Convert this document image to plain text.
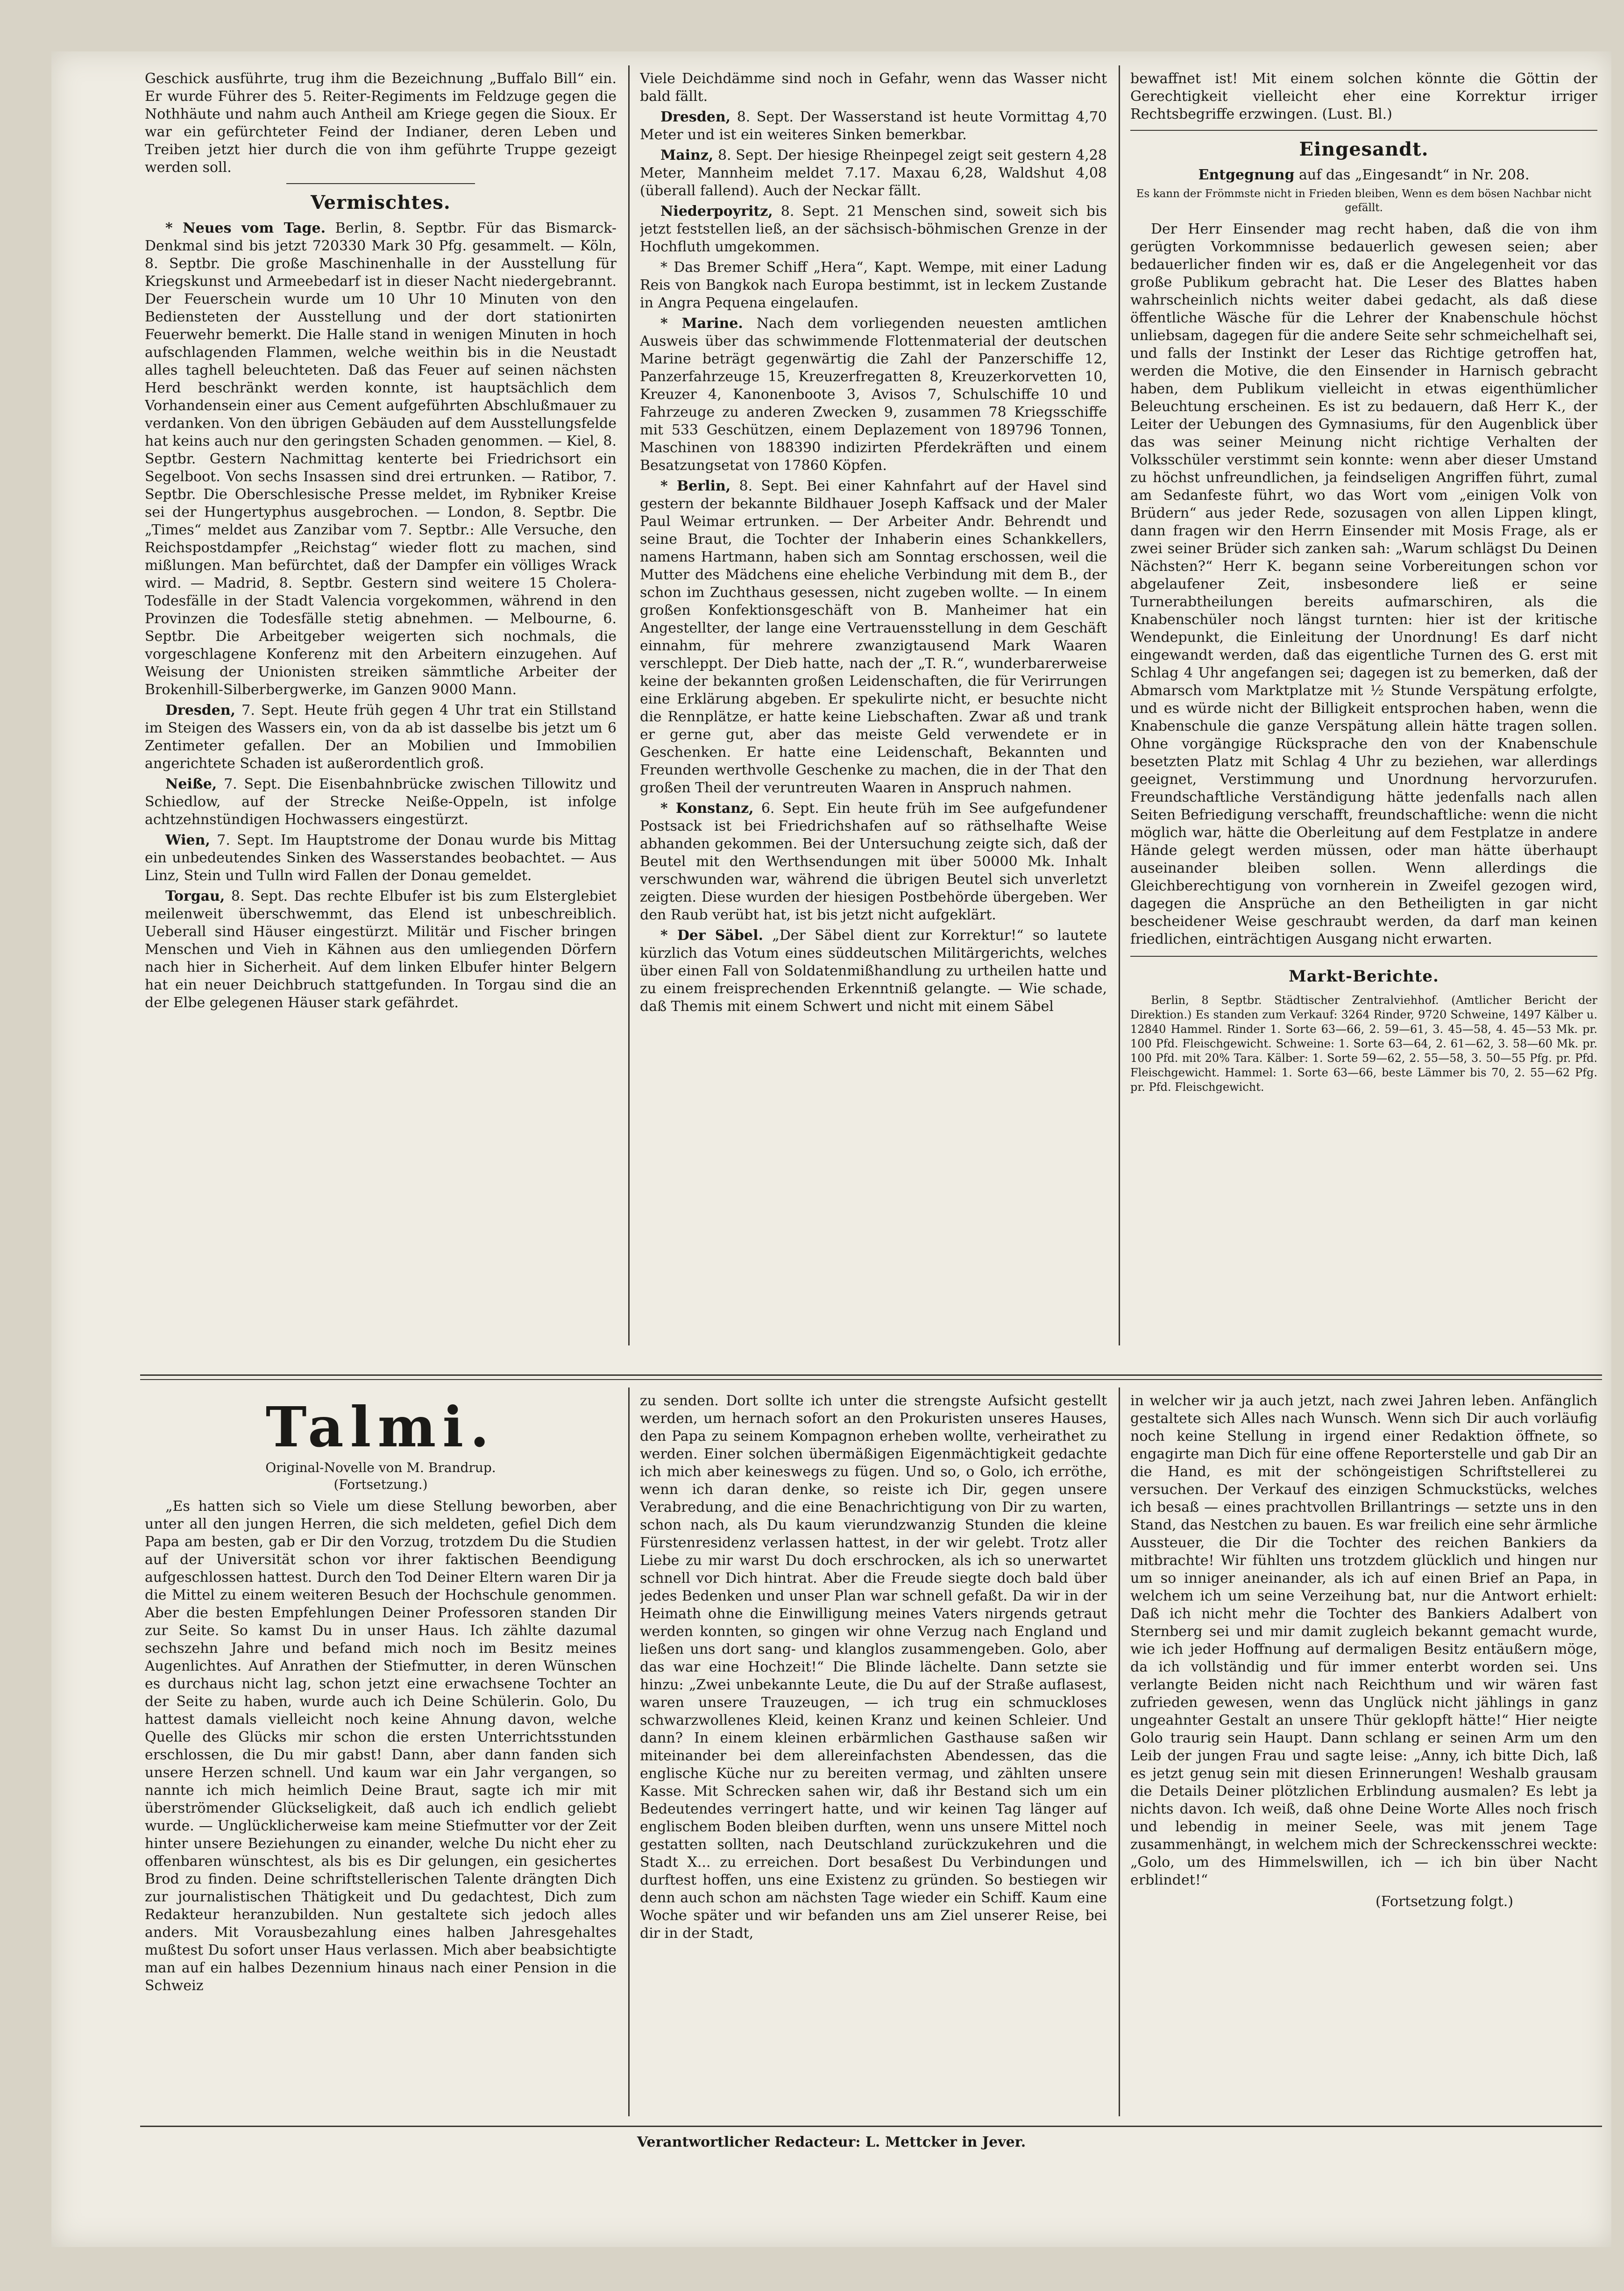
Geschick ausführte, trug ihm die Bezeichnung „Buffalo Bill“ ein. Er wurde Führer des 5. Reiter-Regiments im Feldzuge gegen die Nothhäute und nahm auch Antheil am Kriege gegen die Sioux. Er war ein gefürchteter Feind der Indianer, deren Leben und Treiben jetzt hier durch die von ihm geführte Truppe gezeigt werden soll.

Vermischtes.

* Neues vom Tage. Berlin, 8. Septbr. Für das Bismarck-Denkmal sind bis jetzt 720330 Mark 30 Pfg. gesammelt. — Köln, 8. Septbr. Die große Maschinenhalle in der Ausstellung für Kriegskunst und Armeebedarf ist in dieser Nacht niedergebrannt. Der Feuerschein wurde um 10 Uhr 10 Minuten von den Bediensteten der Ausstellung und der dort stationirten Feuerwehr bemerkt. Die Halle stand in wenigen Minuten in hoch aufschlagenden Flammen, welche weithin bis in die Neustadt alles taghell beleuchteten. Daß das Feuer auf seinen nächsten Herd beschränkt werden konnte, ist hauptsächlich dem Vorhandensein einer aus Cement aufgeführten Abschlußmauer zu verdanken. Von den übrigen Gebäuden auf dem Ausstellungsfelde hat keins auch nur den geringsten Schaden genommen. — Kiel, 8. Septbr. Gestern Nachmittag kenterte bei Friedrichsort ein Segelboot. Von sechs Insassen sind drei ertrunken. — Ratibor, 7. Septbr. Die Oberschlesische Presse meldet, im Rybniker Kreise sei der Hungertyphus ausgebrochen. — London, 8. Septbr. Die „Times“ meldet aus Zanzibar vom 7. Septbr.: Alle Versuche, den Reichspostdampfer „Reichstag“ wieder flott zu machen, sind mißlungen. Man befürchtet, daß der Dampfer ein völliges Wrack wird. — Madrid, 8. Septbr. Gestern sind weitere 15 Cholera-Todesfälle in der Stadt Valencia vorgekommen, während in den Provinzen die Todesfälle stetig abnehmen. — Melbourne, 6. Septbr. Die Arbeitgeber weigerten sich nochmals, die vorgeschlagene Konferenz mit den Arbeitern einzugehen. Auf Weisung der Unionisten streiken sämmtliche Arbeiter der Brokenhill-Silberbergwerke, im Ganzen 9000 Mann.

Dresden, 7. Sept. Heute früh gegen 4 Uhr trat ein Stillstand im Steigen des Wassers ein, von da ab ist dasselbe bis jetzt um 6 Zentimeter gefallen. Der an Mobilien und Immobilien angerichtete Schaden ist außerordentlich groß.

Neiße, 7. Sept. Die Eisenbahnbrücke zwischen Tillowitz und Schiedlow, auf der Strecke Neiße-Oppeln, ist infolge achtzehnstündigen Hochwassers eingestürzt.

Wien, 7. Sept. Im Hauptstrome der Donau wurde bis Mittag ein unbedeutendes Sinken des Wasserstandes beobachtet. — Aus Linz, Stein und Tulln wird Fallen der Donau gemeldet.

Torgau, 8. Sept. Das rechte Elbufer ist bis zum Elsterglebiet meilenweit überschwemmt, das Elend ist unbeschreiblich. Ueberall sind Häuser eingestürzt. Militär und Fischer bringen Menschen und Vieh in Kähnen aus den umliegenden Dörfern nach hier in Sicherheit. Auf dem linken Elbufer hinter Belgern hat ein neuer Deichbruch stattgefunden. In Torgau sind die an der Elbe gelegenen Häuser stark gefährdet.

Viele Deichdämme sind noch in Gefahr, wenn das Wasser nicht bald fällt.

Dresden, 8. Sept. Der Wasserstand ist heute Vormittag 4,70 Meter und ist ein weiteres Sinken bemerkbar.

Mainz, 8. Sept. Der hiesige Rheinpegel zeigt seit gestern 4,28 Meter, Mannheim meldet 7.17. Maxau 6,28, Waldshut 4,08 (überall fallend). Auch der Neckar fällt.

Niederpoyritz, 8. Sept. 21 Menschen sind, soweit sich bis jetzt feststellen ließ, an der sächsisch-böhmischen Grenze in der Hochfluth umgekommen.

* Das Bremer Schiff „Hera“, Kapt. Wempe, mit einer Ladung Reis von Bangkok nach Europa bestimmt, ist in leckem Zustande in Angra Pequena eingelaufen.

* Marine. Nach dem vorliegenden neuesten amtlichen Ausweis über das schwimmende Flottenmaterial der deutschen Marine beträgt gegenwärtig die Zahl der Panzerschiffe 12, Panzerfahrzeuge 15, Kreuzerfregatten 8, Kreuzerkorvetten 10, Kreuzer 4, Kanonenboote 3, Avisos 7, Schulschiffe 10 und Fahrzeuge zu anderen Zwecken 9, zusammen 78 Kriegsschiffe mit 533 Geschützen, einem Deplazement von 189796 Tonnen, Maschinen von 188390 indizirten Pferdekräften und einem Besatzungsetat von 17860 Köpfen.

* Berlin, 8. Sept. Bei einer Kahnfahrt auf der Havel sind gestern der bekannte Bildhauer Joseph Kaffsack und der Maler Paul Weimar ertrunken. — Der Arbeiter Andr. Behrendt und seine Braut, die Tochter der Inhaberin eines Schankkellers, namens Hartmann, haben sich am Sonntag erschossen, weil die Mutter des Mädchens eine eheliche Verbindung mit dem B., der schon im Zuchthaus gesessen, nicht zugeben wollte. — In einem großen Konfektionsgeschäft von B. Manheimer hat ein Angestellter, der lange eine Vertrauensstellung in dem Geschäft einnahm, für mehrere zwanzigtausend Mark Waaren verschleppt. Der Dieb hatte, nach der „T. R.“, wunderbarerweise keine der bekannten großen Leidenschaften, die für Verirrungen eine Erklärung abgeben. Er spekulirte nicht, er besuchte nicht die Rennplätze, er hatte keine Liebschaften. Zwar aß und trank er gerne gut, aber das meiste Geld verwendete er in Geschenken. Er hatte eine Leidenschaft, Bekannten und Freunden werthvolle Geschenke zu machen, die in der That den großen Theil der veruntreuten Waaren in Anspruch nahmen.

* Konstanz, 6. Sept. Ein heute früh im See aufgefundener Postsack ist bei Friedrichshafen auf so räthselhafte Weise abhanden gekommen. Bei der Untersuchung zeigte sich, daß der Beutel mit den Werthsendungen mit über 50000 Mk. Inhalt verschwunden war, während die übrigen Beutel sich unverletzt zeigten. Diese wurden der hiesigen Postbehörde übergeben. Wer den Raub verübt hat, ist bis jetzt nicht aufgeklärt.

* Der Säbel. „Der Säbel dient zur Korrektur!“ so lautete kürzlich das Votum eines süddeutschen Militärgerichts, welches über einen Fall von Soldatenmißhandlung zu urtheilen hatte und zu einem freisprechenden Erkenntniß gelangte. — Wie schade, daß Themis mit einem Schwert und nicht mit einem Säbel

bewaffnet ist! Mit einem solchen könnte die Göttin der Gerechtigkeit vielleicht eher eine Korrektur irriger Rechtsbegriffe erzwingen. (Lust. Bl.)

Eingesandt.

Entgegnung auf das „Eingesandt“ in Nr. 208.

Es kann der Frömmste nicht in Frieden bleiben, Wenn es dem bösen Nachbar nicht gefällt.

Der Herr Einsender mag recht haben, daß die von ihm gerügten Vorkommnisse bedauerlich gewesen seien; aber bedauerlicher finden wir es, daß er die Angelegenheit vor das große Publikum gebracht hat. Die Leser des Blattes haben wahrscheinlich nichts weiter dabei gedacht, als daß diese öffentliche Wäsche für die Lehrer der Knabenschule höchst unliebsam, dagegen für die andere Seite sehr schmeichelhaft sei, und falls der Instinkt der Leser das Richtige getroffen hat, werden die Motive, die den Einsender in Harnisch gebracht haben, dem Publikum vielleicht in etwas eigenthümlicher Beleuchtung erscheinen. Es ist zu bedauern, daß Herr K., der Leiter der Uebungen des Gymnasiums, für den Augenblick über das was seiner Meinung nicht richtige Verhalten der Volksschüler verstimmt sein konnte: wenn aber dieser Umstand zu höchst unfreundlichen, ja feindseligen Angriffen führt, zumal am Sedanfeste führt, wo das Wort vom „einigen Volk von Brüdern“ aus jeder Rede, sozusagen von allen Lippen klingt, dann fragen wir den Herrn Einsender mit Mosis Frage, als er zwei seiner Brüder sich zanken sah: „Warum schlägst Du Deinen Nächsten?“ Herr K. begann seine Vorbereitungen schon vor abgelaufener Zeit, insbesondere ließ er seine Turnerabtheilungen bereits aufmarschiren, als die Knabenschüler noch längst turnten: hier ist der kritische Wendepunkt, die Einleitung der Unordnung! Es darf nicht eingewandt werden, daß das eigentliche Turnen des G. erst mit Schlag 4 Uhr angefangen sei; dagegen ist zu bemerken, daß der Abmarsch vom Marktplatze mit ½ Stunde Verspätung erfolgte, und es würde nicht der Billigkeit entsprochen haben, wenn die Knabenschule die ganze Verspätung allein hätte tragen sollen. Ohne vorgängige Rücksprache den von der Knabenschule besetzten Platz mit Schlag 4 Uhr zu beziehen, war allerdings geeignet, Verstimmung und Unordnung hervorzurufen. Freundschaftliche Verständigung hätte jedenfalls nach allen Seiten Befriedigung verschafft, freundschaftliche: wenn die nicht möglich war, hätte die Oberleitung auf dem Festplatze in andere Hände gelegt werden müssen, oder man hätte überhaupt auseinander bleiben sollen. Wenn allerdings die Gleichberechtigung von vornherein in Zweifel gezogen wird, dagegen die Ansprüche an den Betheiligten in gar nicht bescheidener Weise geschraubt werden, da darf man keinen friedlichen, einträchtigen Ausgang nicht erwarten.

Markt-Berichte.

Berlin, 8 Septbr. Städtischer Zentralviehhof. (Amtlicher Bericht der Direktion.) Es standen zum Verkauf: 3264 Rinder, 9720 Schweine, 1497 Kälber u. 12840 Hammel. Rinder 1. Sorte 63—66, 2. 59—61, 3. 45—58, 4. 45—53 Mk. pr. 100 Pfd. Fleischgewicht. Schweine: 1. Sorte 63—64, 2. 61—62, 3. 58—60 Mk. pr. 100 Pfd. mit 20% Tara. Kälber: 1. Sorte 59—62, 2. 55—58, 3. 50—55 Pfg. pr. Pfd. Fleischgewicht. Hammel: 1. Sorte 63—66, beste Lämmer bis 70, 2. 55—62 Pfg. pr. Pfd. Fleischgewicht.

Talmi.
Original-Novelle von M. Brandrup.
(Fortsetzung.)

„Es hatten sich so Viele um diese Stellung beworben, aber unter all den jungen Herren, die sich meldeten, gefiel Dich dem Papa am besten, gab er Dir den Vorzug, trotzdem Du die Studien auf der Universität schon vor ihrer faktischen Beendigung aufgeschlossen hattest. Durch den Tod Deiner Eltern waren Dir ja die Mittel zu einem weiteren Besuch der Hochschule genommen. Aber die besten Empfehlungen Deiner Professoren standen Dir zur Seite. So kamst Du in unser Haus. Ich zählte dazumal sechszehn Jahre und befand mich noch im Besitz meines Augenlichtes. Auf Anrathen der Stiefmutter, in deren Wünschen es durchaus nicht lag, schon jetzt eine erwachsene Tochter an der Seite zu haben, wurde auch ich Deine Schülerin. Golo, Du hattest damals vielleicht noch keine Ahnung davon, welche Quelle des Glücks mir schon die ersten Unterrichtsstunden erschlossen, die Du mir gabst! Dann, aber dann fanden sich unsere Herzen schnell. Und kaum war ein Jahr vergangen, so nannte ich mich heimlich Deine Braut, sagte ich mir mit überströmender Glückseligkeit, daß auch ich endlich geliebt wurde. — Unglücklicherweise kam meine Stiefmutter vor der Zeit hinter unsere Beziehungen zu einander, welche Du nicht eher zu offenbaren wünschtest, als bis es Dir gelungen, ein gesichertes Brod zu finden. Deine schriftstellerischen Talente drängten Dich zur journalistischen Thätigkeit und Du gedachtest, Dich zum Redakteur heranzubilden. Nun gestaltete sich jedoch alles anders. Mit Vorausbezahlung eines halben Jahresgehaltes mußtest Du sofort unser Haus verlassen. Mich aber beabsichtigte man auf ein halbes Dezennium hinaus nach einer Pension in die Schweiz

zu senden. Dort sollte ich unter die strengste Aufsicht gestellt werden, um hernach sofort an den Prokuristen unseres Hauses, den Papa zu seinem Kompagnon erheben wollte, verheirathet zu werden. Einer solchen übermäßigen Eigenmächtigkeit gedachte ich mich aber keineswegs zu fügen. Und so, o Golo, ich erröthe, wenn ich daran denke, so reiste ich Dir, gegen unsere Verabredung, and die eine Benachrichtigung von Dir zu warten, schon nach, als Du kaum vierundzwanzig Stunden die kleine Fürstenresidenz verlassen hattest, in der wir gelebt. Trotz aller Liebe zu mir warst Du doch erschrocken, als ich so unerwartet schnell vor Dich hintrat. Aber die Freude siegte doch bald über jedes Bedenken und unser Plan war schnell gefaßt. Da wir in der Heimath ohne die Einwilligung meines Vaters nirgends getraut werden konnten, so gingen wir ohne Verzug nach England und ließen uns dort sang- und klanglos zusammengeben. Golo, aber das war eine Hochzeit!“ Die Blinde lächelte. Dann setzte sie hinzu: „Zwei unbekannte Leute, die Du auf der Straße auflasest, waren unsere Trauzeugen, — ich trug ein schmuckloses schwarzwollenes Kleid, keinen Kranz und keinen Schleier. Und dann? In einem kleinen erbärmlichen Gasthause saßen wir miteinander bei dem allereinfachsten Abendessen, das die englische Küche nur zu bereiten vermag, und zählten unsere Kasse. Mit Schrecken sahen wir, daß ihr Bestand sich um ein Bedeutendes verringert hatte, und wir keinen Tag länger auf englischem Boden bleiben durften, wenn uns unsere Mittel noch gestatten sollten, nach Deutschland zurückzukehren und die Stadt X... zu erreichen. Dort besaßest Du Verbindungen und durftest hoffen, uns eine Existenz zu gründen. So bestiegen wir denn auch schon am nächsten Tage wieder ein Schiff. Kaum eine Woche später und wir befanden uns am Ziel unserer Reise, bei dir in der Stadt,

in welcher wir ja auch jetzt, nach zwei Jahren leben. Anfänglich gestaltete sich Alles nach Wunsch. Wenn sich Dir auch vorläufig noch keine Stellung in irgend einer Redaktion öffnete, so engagirte man Dich für eine offene Reporterstelle und gab Dir an die Hand, es mit der schöngeistigen Schriftstellerei zu versuchen. Der Verkauf des einzigen Schmuckstücks, welches ich besaß — eines prachtvollen Brillantrings — setzte uns in den Stand, das Nestchen zu bauen. Es war freilich eine sehr ärmliche Aussteuer, die Dir die Tochter des reichen Bankiers da mitbrachte! Wir fühlten uns trotzdem glücklich und hingen nur um so inniger aneinander, als ich auf einen Brief an Papa, in welchem ich um seine Verzeihung bat, nur die Antwort erhielt: Daß ich nicht mehr die Tochter des Bankiers Adalbert von Sternberg sei und mir damit zugleich bekannt gemacht wurde, wie ich jeder Hoffnung auf dermaligen Besitz entäußern möge, da ich vollständig und für immer enterbt worden sei. Uns verlangte Beiden nicht nach Reichthum und wir wären fast zufrieden gewesen, wenn das Unglück nicht jählings in ganz ungeahnter Gestalt an unsere Thür geklopft hätte!“ Hier neigte Golo traurig sein Haupt. Dann schlang er seinen Arm um den Leib der jungen Frau und sagte leise: „Anny, ich bitte Dich, laß es jetzt genug sein mit diesen Erinnerungen! Weshalb grausam die Details Deiner plötzlichen Erblindung ausmalen? Es lebt ja nichts davon. Ich weiß, daß ohne Deine Worte Alles noch frisch und lebendig in meiner Seele, was mit jenem Tage zusammenhängt, in welchem mich der Schreckensschrei weckte: „Golo, um des Himmelswillen, ich — ich bin über Nacht erblindet!“

(Fortsetzung folgt.)

Verantwortlicher Redacteur: L. Mettcker in Jever.
